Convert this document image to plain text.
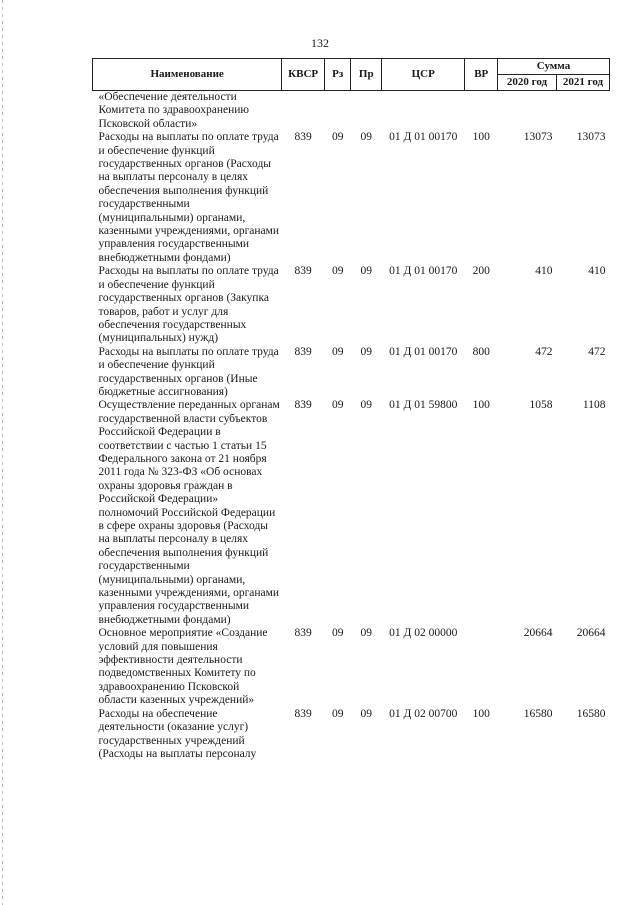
132
Наименование	КВСР	Рз	Пр	ЦСР	ВР	Сумма	
						2020 год	2021 год
«Обеспечение деятельности Комитета по здравоохранению Псковской области»							
Расходы на выплаты по оплате труда и обеспечение функций государственных органов (Расходы на выплаты персоналу в целях обеспечения выполнения функций государственными (муниципальными) органами, казенными учреждениями, органами управления государственными внебюджетными фондами)	839	09	09	01 Д 01 00170	100	13073	13073
Расходы на выплаты по оплате труда и обеспечение функций государственных органов (Закупка товаров, работ и услуг для обеспечения государственных (муниципальных) нужд)	839	09	09	01 Д 01 00170	200	410	410
Расходы на выплаты по оплате труда и обеспечение функций государственных органов (Иные бюджетные ассигнования)	839	09	09	01 Д 01 00170	800	472	472
Осуществление переданных органам государственной власти субъектов Российской Федерации в соответствии с частью 1 статьи 15 Федерального закона от 21 ноября 2011 года № 323-ФЗ «Об основах охраны здоровья граждан в Российской Федерации» полномочий Российской Федерации в сфере охраны здоровья (Расходы на выплаты персоналу в целях обеспечения выполнения функций государственными (муниципальными) органами, казенными учреждениями, органами управления государственными внебюджетными фондами)	839	09	09	01 Д 01 59800	100	1058	1108
Основное мероприятие «Создание условий для повышения эффективности деятельности подведомственных Комитету по здравоохранению Псковской области казенных учреждений»	839	09	09	01 Д 02 00000		20664	20664
Расходы на обеспечение деятельности (оказание услуг) государственных учреждений (Расходы на выплаты персоналу	839	09	09	01 Д 02 00700	100	16580	16580
